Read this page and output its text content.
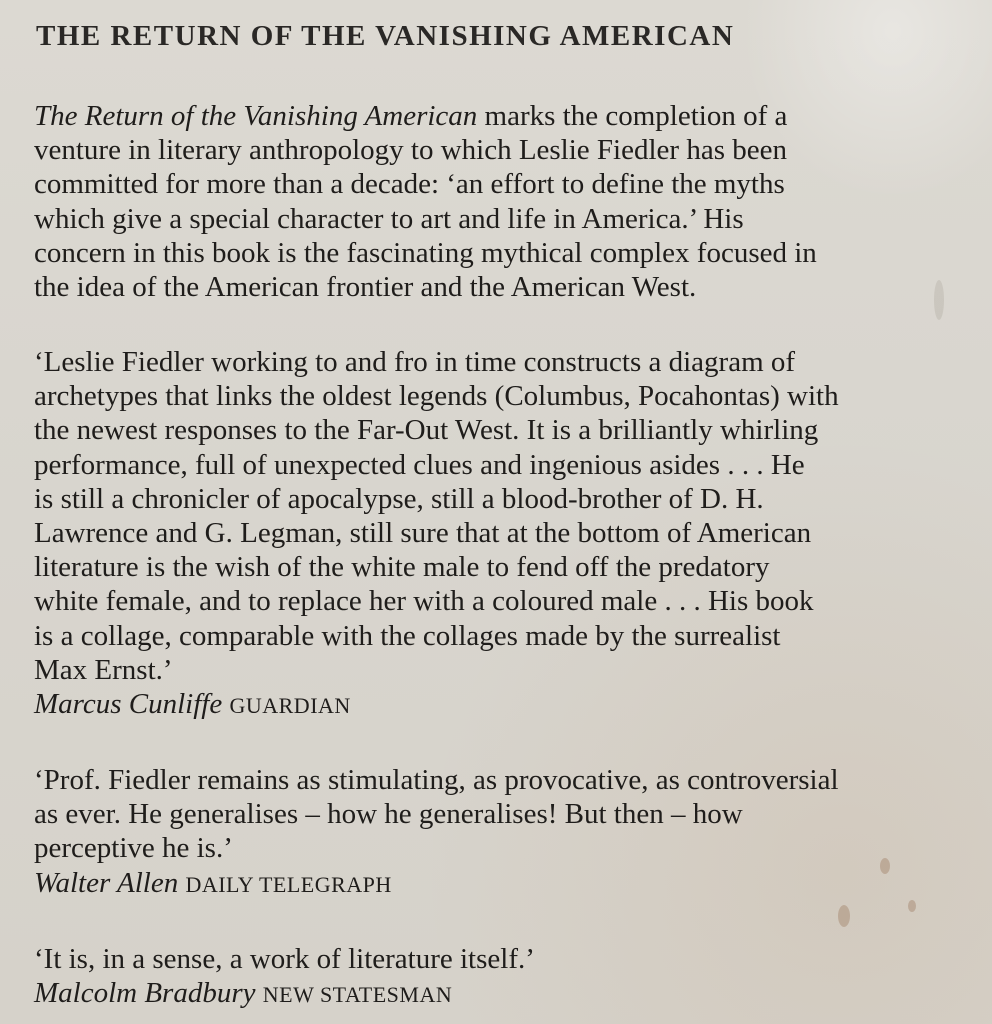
THE RETURN OF THE VANISHING AMERICAN
The Return of the Vanishing American marks the completion of a
venture in literary anthropology to which Leslie Fiedler has been
committed for more than a decade: ‘an effort to define the myths
which give a special character to art and life in America.’ His
concern in this book is the fascinating mythical complex focused in
the idea of the American frontier and the American West.
‘Leslie Fiedler working to and fro in time constructs a diagram of
archetypes that links the oldest legends (Columbus, Pocahontas) with
the newest responses to the Far-Out West. It is a brilliantly whirling
performance, full of unexpected clues and ingenious asides . . . He
is still a chronicler of apocalypse, still a blood-brother of D. H.
Lawrence and G. Legman, still sure that at the bottom of American
literature is the wish of the white male to fend off the predatory
white female, and to replace her with a coloured male . . . His book
is a collage, comparable with the collages made by the surrealist
Max Ernst.’
Marcus Cunliffe GUARDIAN
‘Prof. Fiedler remains as stimulating, as provocative, as controversial
as ever. He generalises – how he generalises! But then – how
perceptive he is.’
Walter Allen DAILY TELEGRAPH
‘It is, in a sense, a work of literature itself.’
Malcolm Bradbury NEW STATESMAN
